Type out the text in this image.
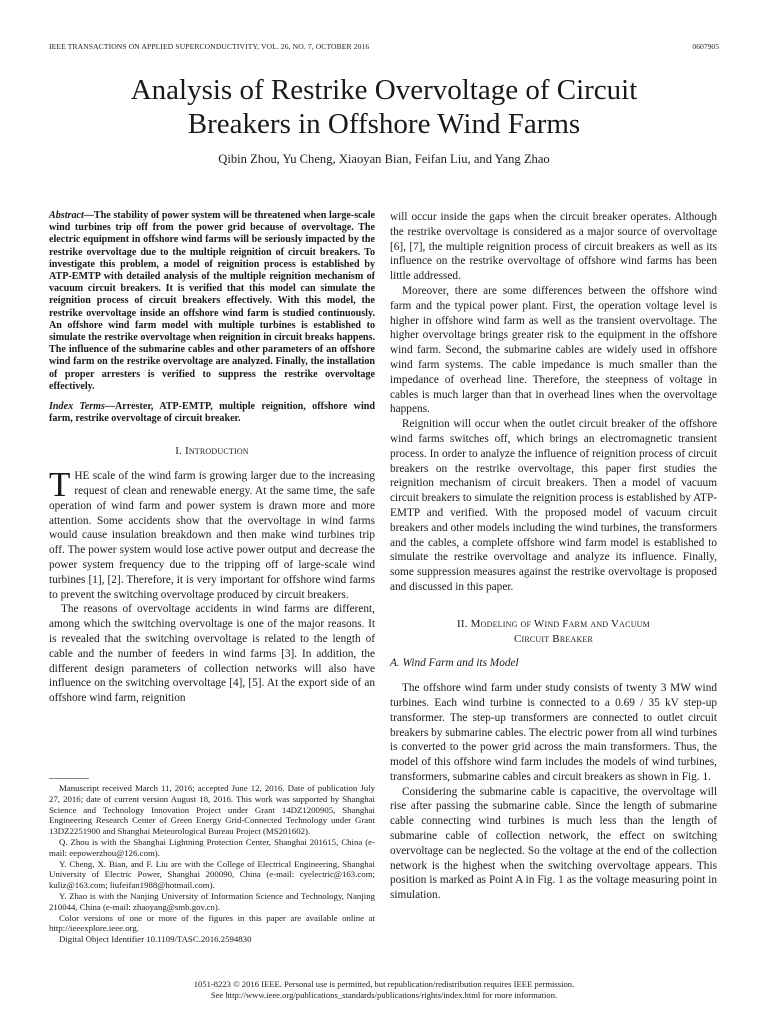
IEEE TRANSACTIONS ON APPLIED SUPERCONDUCTIVITY, VOL. 26, NO. 7, OCTOBER 2016	0607905
Analysis of Restrike Overvoltage of Circuit
Breakers in Offshore Wind Farms
Qibin Zhou, Yu Cheng, Xiaoyan Bian, Feifan Liu, and Yang Zhao

Abstract—The stability of power system will be threatened when large-scale wind turbines trip off from the power grid because of overvoltage. The electric equipment in offshore wind farms will be seriously impacted by the restrike overvoltage due to the multiple reignition of circuit breakers. To investigate this problem, a model of reignition process is established by ATP-EMTP with detailed analysis of the multiple reignition mechanism of vacuum circuit breakers. It is verified that this model can simulate the reignition process of circuit breakers effectively. With this model, the restrike overvoltage inside an offshore wind farm is studied continuously. An offshore wind farm model with multiple turbines is established to simulate the restrike overvoltage when reignition in circuit breaks happens. The influence of the submarine cables and other parameters of an offshore wind farm on the restrike overvoltage are analyzed. Finally, the installation of proper arresters is verified to suppress the restrike overvoltage effectively.

Index Terms—Arrester, ATP-EMTP, multiple reignition, offshore wind farm, restrike overvoltage of circuit breaker.

I. Introduction

THE scale of the wind farm is growing larger due to the increasing request of clean and renewable energy. At the same time, the safe operation of wind farm and power system is drawn more and more attention. Some accidents show that the overvoltage in wind farms would cause insulation breakdown and then make wind turbines trip off. The power system would lose active power output and decrease the power system frequency due to the tripping off of large-scale wind turbines [1], [2]. Therefore, it is very important for offshore wind farms to prevent the switching overvoltage produced by circuit breakers.

The reasons of overvoltage accidents in wind farms are different, among which the switching overvoltage is one of the major reasons. It is revealed that the switching overvoltage is related to the length of cable and the number of feeders in wind farms [3]. In addition, the different design parameters of collection networks will also have influence on the switching overvoltage [4], [5]. At the export side of an offshore wind farm, reignition

Manuscript received March 11, 2016; accepted June 12, 2016. Date of publication July 27, 2016; date of current version August 18, 2016. This work was supported by Shanghai Science and Technology Innovation Project under Grant 14DZ1200905, Shanghai Engineering Research Center of Green Energy Grid-Connected Technology under Grant 13DZ2251900 and Shanghai Meteorological Bureau Project (MS201602).
Q. Zhou is with the Shanghai Lightning Protection Center, Shanghai 201615, China (e-mail: eepowerzhou@126.com).
Y. Cheng, X. Bian, and F. Liu are with the College of Electrical Engineering, Shanghai University of Electric Power, Shanghai 200090, China (e-mail: cyelectric@163.com; kuliz@163.com; liufeifan1988@hotmail.com).
Y. Zhao is with the Nanjing University of Information Science and Technology, Nanjing 210044, China (e-mail: zhaoyang@smb.gov.cn).
Color versions of one or more of the figures in this paper are available online at http://ieeexplore.ieee.org.
Digital Object Identifier 10.1109/TASC.2016.2594830

will occur inside the gaps when the circuit breaker operates. Although the restrike overvoltage is considered as a major source of overvoltage [6], [7], the multiple reignition process of circuit breakers as well as its influence on the restrike overvoltage of offshore wind farms has been little addressed.

Moreover, there are some differences between the offshore wind farm and the typical power plant. First, the operation voltage level is higher in offshore wind farm as well as the transient overvoltage. The higher overvoltage brings greater risk to the equipment in the offshore wind farm. Second, the submarine cables are widely used in offshore wind farm systems. The cable impedance is much smaller than the impedance of overhead line. Therefore, the steepness of voltage in cables is much larger than that in overhead lines when the overvoltage happens.

Reignition will occur when the outlet circuit breaker of the offshore wind farms switches off, which brings an electromagnetic transient process. In order to analyze the influence of reignition process of circuit breakers on the restrike overvoltage, this paper first studies the reignition mechanism of circuit breakers. Then a model of vacuum circuit breakers to simulate the reignition process is established by ATP-EMTP and verified. With the proposed model of vacuum circuit breakers and other models including the wind turbines, the transformers and the cables, a complete offshore wind farm model is established to simulate the restrike overvoltage and analyze its influence. Finally, some suppression measures against the restrike overvoltage is proposed and discussed in this paper.

II. Modeling of Wind Farm and Vacuum
Circuit Breaker
A. Wind Farm and its Model

The offshore wind farm under study consists of twenty 3 MW wind turbines. Each wind turbine is connected to a 0.69 / 35 kV step-up transformer. The step-up transformers are connected to outlet circuit breakers by submarine cables. The electric power from all wind turbines is converted to the power grid across the main transformers. Thus, the model of this offshore wind farm includes the models of wind turbines, transformers, submarine cables and circuit breakers as shown in Fig. 1.

Considering the submarine cable is capacitive, the overvoltage will rise after passing the submarine cable. Since the length of submarine cable connecting wind turbines is much less than the length of submarine cable of collection network, the effect on switching overvoltage can be neglected. So the voltage at the end of the collection network is the highest when the switching overvoltage appears. This position is marked as Point A in Fig. 1 as the voltage measuring point in simulation.

1051-8223 © 2016 IEEE. Personal use is permitted, but republication/redistribution requires IEEE permission.
See http://www.ieee.org/publications_standards/publications/rights/index.html for more information.
